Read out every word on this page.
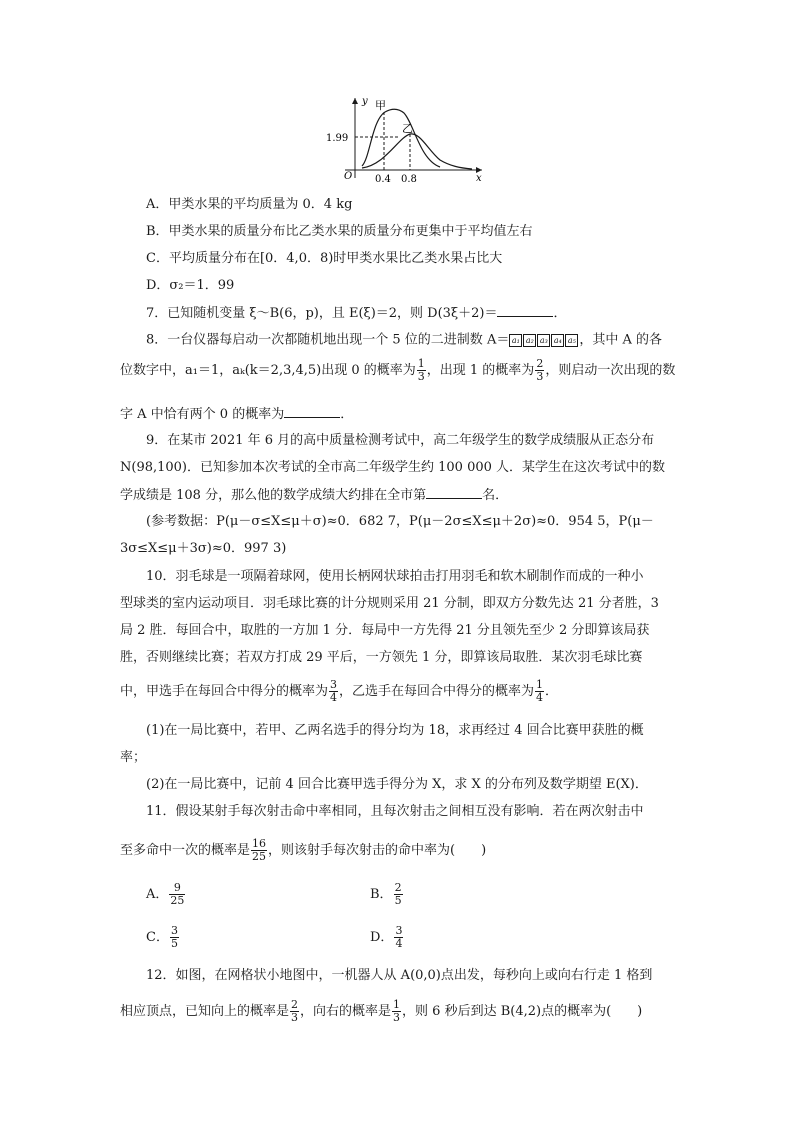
y
x
O
甲
乙
1.99
0.4 0.8
A．甲类水果的平均质量为 0．4 kg
B．甲类水果的质量分布比乙类水果的质量分布更集中于平均值左右
C．平均质量分布在[0．4,0．8)时甲类水果比乙类水果占比大
D．σ₂＝1．99
7．已知随机变量 ξ～B(6，p)，且 E(ξ)＝2，则 D(3ξ＋2)＝	．
8．一台仪器每启动一次都随机地出现一个 5 位的二进制数 A＝ a₁ a₂ a₃ a₄ a₅ ，其中 A 的各
位数字中，a₁＝1，aₖ(k＝2,3,4,5)出现 0 的概率为 $\frac{1}{3}$ ，出现 1 的概率为 $\frac{2}{3}$ ，则启动一次出现的数
字 A 中恰有两个 0 的概率为	．
9．在某市 2021 年 6 月的高中质量检测考试中，高二年级学生的数学成绩服从正态分布
N(98,100)．已知参加本次考试的全市高二年级学生约 100 000 人．某学生在这次考试中的数
学成绩是 108 分，那么他的数学成绩大约排在全市第	名．
(参考数据：P(μ－σ≤X≤μ＋σ)≈0．682 7，P(μ－2σ≤X≤μ＋2σ)≈0．954 5，P(μ－
3σ≤X≤μ＋3σ)≈0．997 3)
10．羽毛球是一项隔着球网，使用长柄网状球拍击打用羽毛和软木刷制作而成的一种小
型球类的室内运动项目．羽毛球比赛的计分规则采用 21 分制，即双方分数先达 21 分者胜，3
局 2 胜．每回合中，取胜的一方加 1 分．每局中一方先得 21 分且领先至少 2 分即算该局获
胜，否则继续比赛；若双方打成 29 平后，一方领先 1 分，即算该局取胜．某次羽毛球比赛
中，甲选手在每回合中得分的概率为 $\frac{3}{4}$ ，乙选手在每回合中得分的概率为 $\frac{1}{4}$ ．
(1)在一局比赛中，若甲、乙两名选手的得分均为 18，求再经过 4 回合比赛甲获胜的概
率；
(2)在一局比赛中，记前 4 回合比赛甲选手得分为 X，求 X 的分布列及数学期望 E(X)．
11．假设某射手每次射击命中率相同，且每次射击之间相互没有影响．若在两次射击中
至多命中一次的概率是 $\frac{16}{25}$ ，则该射手每次射击的命中率为(　　)
A． $\frac{9}{25}$	B． $\frac{2}{5}$
C． $\frac{3}{5}$	D． $\frac{3}{4}$
12．如图，在网格状小地图中，一机器人从 A(0,0)点出发，每秒向上或向右行走 1 格到
相应顶点，已知向上的概率是 $\frac{2}{3}$ ，向右的概率是 $\frac{1}{3}$ ，则 6 秒后到达 B(4,2)点的概率为(　　)
